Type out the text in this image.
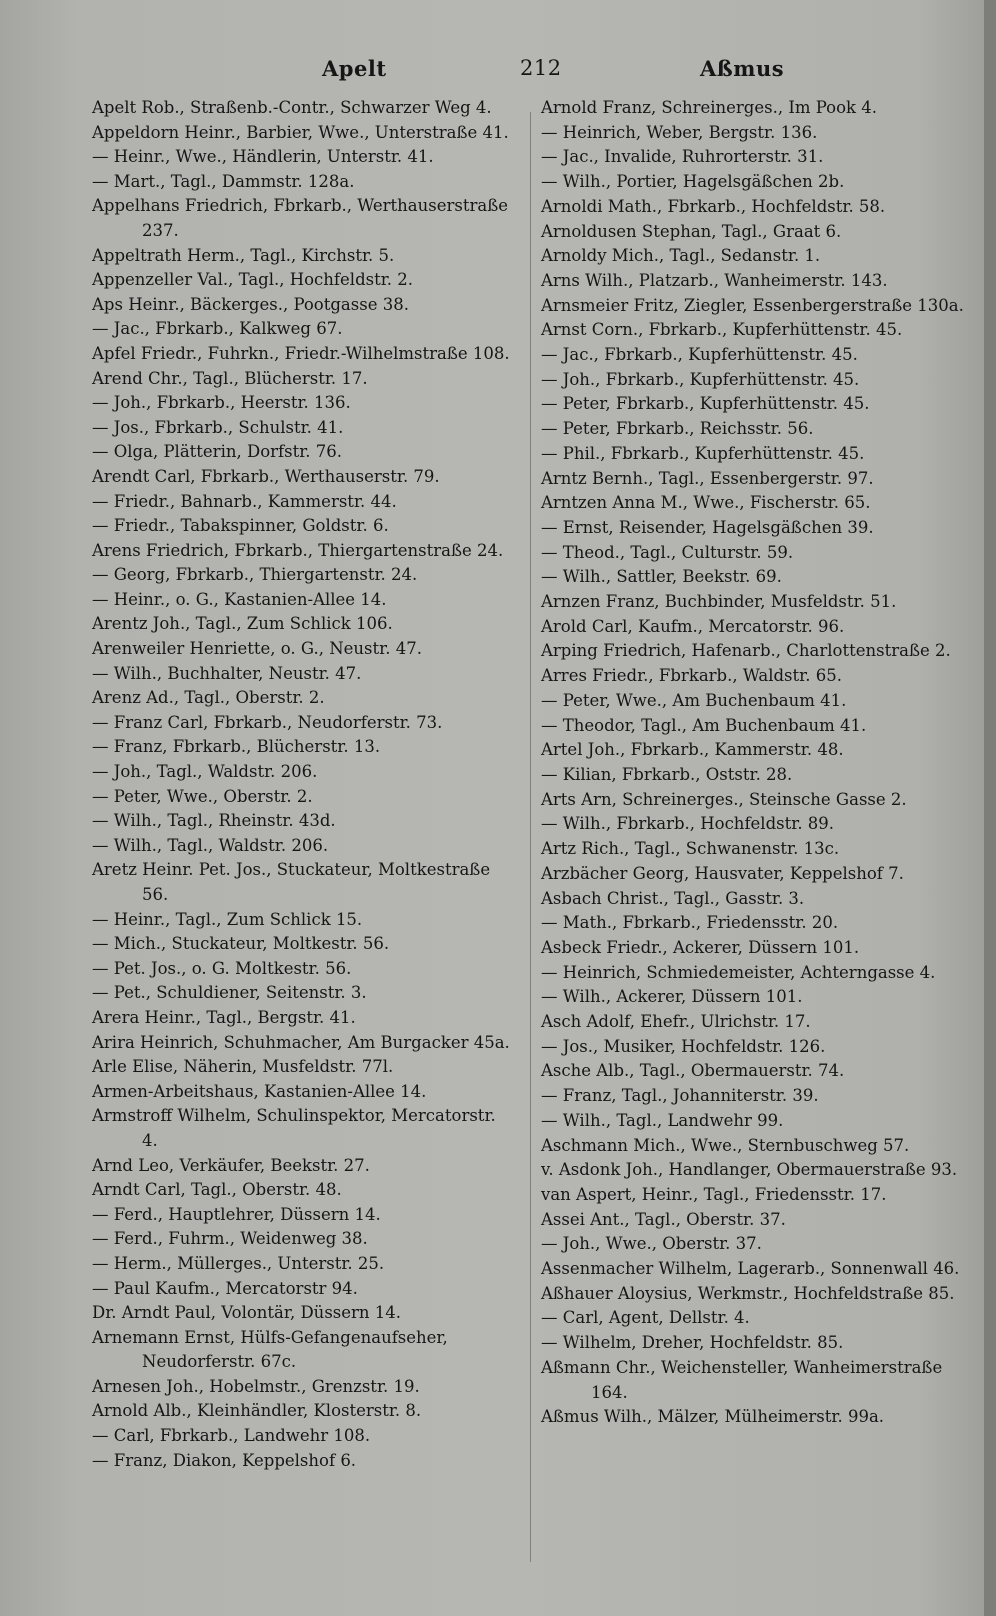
Apelt	212	Aßmus
Apelt Rob., Straßenb.-Contr., Schwarzer Weg 4.
Appeldorn Heinr., Barbier, Wwe., Unterstraße 41.
— Heinr., Wwe., Händlerin, Unterstr. 41.
— Mart., Tagl., Dammstr. 128a.
Appelhans Friedrich, Fbrkarb., Werthauserstraße 237.
Appeltrath Herm., Tagl., Kirchstr. 5.
Appenzeller Val., Tagl., Hochfeldstr. 2.
Aps Heinr., Bäckerges., Pootgasse 38.
— Jac., Fbrkarb., Kalkweg 67.
Apfel Friedr., Fuhrkn., Friedr.-Wilhelmstraße 108.
Arend Chr., Tagl., Blücherstr. 17.
— Joh., Fbrkarb., Heerstr. 136.
— Jos., Fbrkarb., Schulstr. 41.
— Olga, Plätterin, Dorfstr. 76.
Arendt Carl, Fbrkarb., Werthauserstr. 79.
— Friedr., Bahnarb., Kammerstr. 44.
— Friedr., Tabakspinner, Goldstr. 6.
Arens Friedrich, Fbrkarb., Thiergartenstraße 24.
— Georg, Fbrkarb., Thiergartenstr. 24.
— Heinr., o. G., Kastanien-Allee 14.
Arentz Joh., Tagl., Zum Schlick 106.
Arenweiler Henriette, o. G., Neustr. 47.
— Wilh., Buchhalter, Neustr. 47.
Arenz Ad., Tagl., Oberstr. 2.
— Franz Carl, Fbrkarb., Neudorferstr. 73.
— Franz, Fbrkarb., Blücherstr. 13.
— Joh., Tagl., Waldstr. 206.
— Peter, Wwe., Oberstr. 2.
— Wilh., Tagl., Rheinstr. 43d.
— Wilh., Tagl., Waldstr. 206.
Aretz Heinr. Pet. Jos., Stuckateur, Moltkestraße 56.
— Heinr., Tagl., Zum Schlick 15.
— Mich., Stuckateur, Moltkestr. 56.
— Pet. Jos., o. G. Moltkestr. 56.
— Pet., Schuldiener, Seitenstr. 3.
Arera Heinr., Tagl., Bergstr. 41.
Arira Heinrich, Schuhmacher, Am Burgacker 45a.
Arle Elise, Näherin, Musfeldstr. 77l.
Armen-Arbeitshaus, Kastanien-Allee 14.
Armstroff Wilhelm, Schulinspektor, Mercatorstr. 4.
Arnd Leo, Verkäufer, Beekstr. 27.
Arndt Carl, Tagl., Oberstr. 48.
— Ferd., Hauptlehrer, Düssern 14.
— Ferd., Fuhrm., Weidenweg 38.
— Herm., Müllerges., Unterstr. 25.
— Paul Kaufm., Mercatorstr 94.
Dr. Arndt Paul, Volontär, Düssern 14.
Arnemann Ernst, Hülfs-Gefangenaufseher, Neudorferstr. 67c.
Arnesen Joh., Hobelmstr., Grenzstr. 19.
Arnold Alb., Kleinhändler, Klosterstr. 8.
— Carl, Fbrkarb., Landwehr 108.
— Franz, Diakon, Keppelshof 6.
Arnold Franz, Schreinerges., Im Pook 4.
— Heinrich, Weber, Bergstr. 136.
— Jac., Invalide, Ruhrorterstr. 31.
— Wilh., Portier, Hagelsgäßchen 2b.
Arnoldi Math., Fbrkarb., Hochfeldstr. 58.
Arnoldusen Stephan, Tagl., Graat 6.
Arnoldy Mich., Tagl., Sedanstr. 1.
Arns Wilh., Platzarb., Wanheimerstr. 143.
Arnsmeier Fritz, Ziegler, Essenbergerstraße 130a.
Arnst Corn., Fbrkarb., Kupferhüttenstr. 45.
— Jac., Fbrkarb., Kupferhüttenstr. 45.
— Joh., Fbrkarb., Kupferhüttenstr. 45.
— Peter, Fbrkarb., Kupferhüttenstr. 45.
— Peter, Fbrkarb., Reichsstr. 56.
— Phil., Fbrkarb., Kupferhüttenstr. 45.
Arntz Bernh., Tagl., Essenbergerstr. 97.
Arntzen Anna M., Wwe., Fischerstr. 65.
— Ernst, Reisender, Hagelsgäßchen 39.
— Theod., Tagl., Culturstr. 59.
— Wilh., Sattler, Beekstr. 69.
Arnzen Franz, Buchbinder, Musfeldstr. 51.
Arold Carl, Kaufm., Mercatorstr. 96.
Arping Friedrich, Hafenarb., Charlottenstraße 2.
Arres Friedr., Fbrkarb., Waldstr. 65.
— Peter, Wwe., Am Buchenbaum 41.
— Theodor, Tagl., Am Buchenbaum 41.
Artel Joh., Fbrkarb., Kammerstr. 48.
— Kilian, Fbrkarb., Oststr. 28.
Arts Arn, Schreinerges., Steinsche Gasse 2.
— Wilh., Fbrkarb., Hochfeldstr. 89.
Artz Rich., Tagl., Schwanenstr. 13c.
Arzbächer Georg, Hausvater, Keppelshof 7.
Asbach Christ., Tagl., Gasstr. 3.
— Math., Fbrkarb., Friedensstr. 20.
Asbeck Friedr., Ackerer, Düssern 101.
— Heinrich, Schmiedemeister, Achterngasse 4.
— Wilh., Ackerer, Düssern 101.
Asch Adolf, Ehefr., Ulrichstr. 17.
— Jos., Musiker, Hochfeldstr. 126.
Asche Alb., Tagl., Obermauerstr. 74.
— Franz, Tagl., Johanniterstr. 39.
— Wilh., Tagl., Landwehr 99.
Aschmann Mich., Wwe., Sternbuschweg 57.
v. Asdonk Joh., Handlanger, Obermauerstraße 93.
van Aspert, Heinr., Tagl., Friedensstr. 17.
Assei Ant., Tagl., Oberstr. 37.
— Joh., Wwe., Oberstr. 37.
Assenmacher Wilhelm, Lagerarb., Sonnenwall 46.
Aßhauer Aloysius, Werkmstr., Hochfeldstraße 85.
— Carl, Agent, Dellstr. 4.
— Wilhelm, Dreher, Hochfeldstr. 85.
Aßmann Chr., Weichensteller, Wanheimerstraße 164.
Aßmus Wilh., Mälzer, Mülheimerstr. 99a.
